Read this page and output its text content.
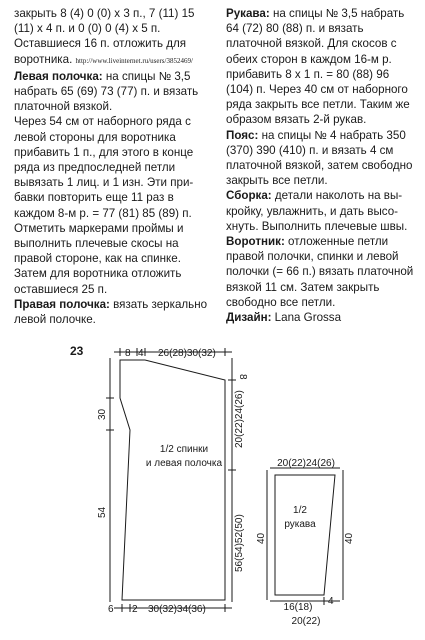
закрыть 8 (4) 0 (0) х 3 п., 7 (11) 15 (11) х 4 п. и 0 (0) 0 (4) х 5 п. Оставшиеся 16 п. отложить для воротника. http://www.liveinternet.ru/users/3852469/

Левая полочка: на спицы № 3,5 набрать 65 (69) 73 (77) п. и вязать платочной вязкой.

Через 54 см от наборного ряда с левой стороны для воротника прибавить 1 п., для этого в конце ряда из предпоследней петли вывязать 1 лиц. и 1 изн. Эти прибавки повторить еще 11 раз в каждом 8-м р. = 77 (81) 85 (89) п. Отметить маркерами проймы и выполнить плечевые скосы на правой стороне, как на спинке. Затем для воротника отложить оставшиеся 25 п.

Правая полочка: вязать зеркально левой полочке.

Рукава: на спицы № 3,5 набрать 64 (72) 80 (88) п. и вязать платочной вязкой. Для скосов с обеих сторон в каждом 16-м р. прибавить 8 х 1 п. = 80 (88) 96 (104) п. Через 40 см от наборного ряда закрыть все петли. Таким же образом вязать 2-й рукав.

Пояс: на спицы № 4 набрать 350 (370) 390 (410) п. и вязать 4 см платочной вязкой, затем свободно закрыть все петли.

Сборка: детали наколоть на выкройку, увлажнить, и дать высохнуть. Выполнить плечевые швы.

Воротник: отложенные петли правой полочки, спинки и левой полочки (= 66 п.) вязать платочной вязкой 11 см. Затем закрыть свободно все петли.

Дизайн: Lana Grossa

23	8 4 26(28)30(32)
8
30
54
20(22)24(26)
56(54)52(50)
6 2 30(32)34(36)
1/2 спинки
и левая полочка	20(22)24(26)
40	40
1/2
рукава
16(18)
4
20(22)
